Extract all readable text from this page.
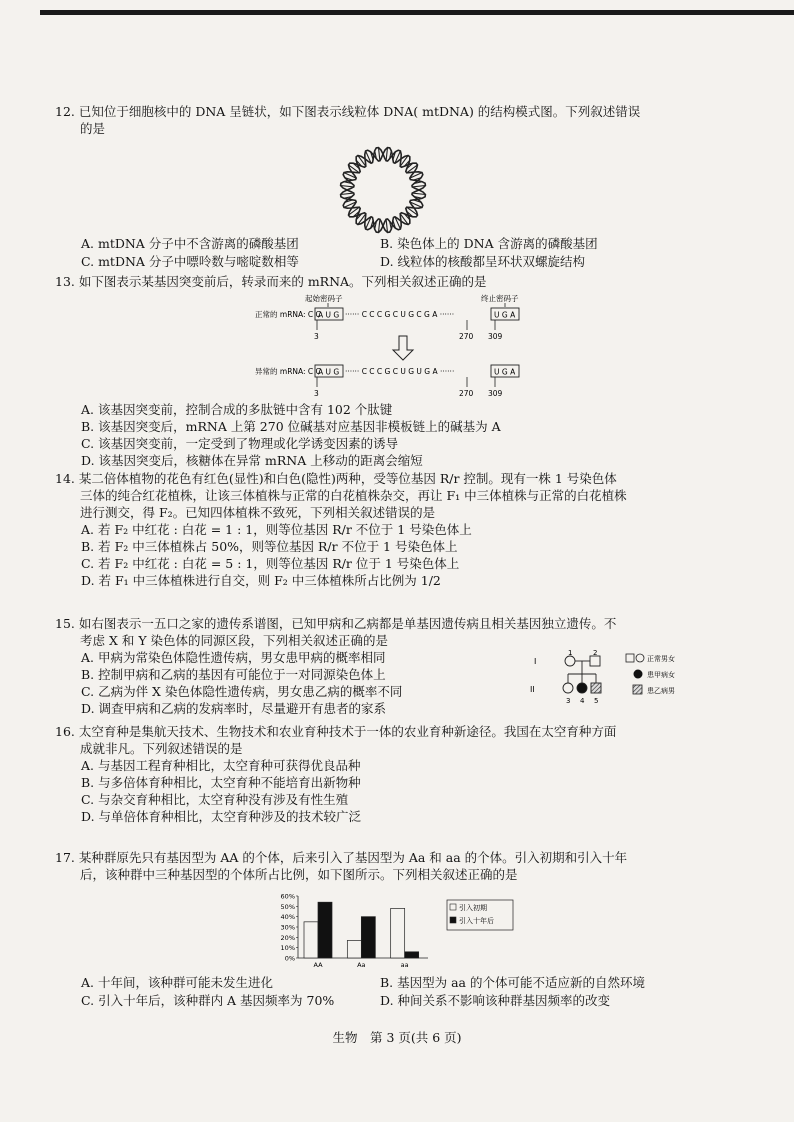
12. 已知位于细胞核中的 DNA 呈链状，如下图表示线粒体 DNA( mtDNA) 的结构模式图。下列叙述错误

的是

A. mtDNA 分子中不含游离的磷酸基团	B. 染色体上的 DNA 含游离的磷酸基团
C. mtDNA 分子中嘌呤数与嘧啶数相等	D. 线粒体的核酸都呈环状双螺旋结构

13. 如下图表示某基因突变前后，转录而来的 mRNA。下列相关叙述正确的是

起始密码子	终止密码子
正常的 mRNA: C C
A U G ······ C C C G C U G C G A ······	U G A
3	270 309
异常的 mRNA: C C
A U G ······ C C C G C U G U G A ······	U G A
3	270 309

A. 该基因突变前，控制合成的多肽链中含有 102 个肽键

B. 该基因突变后，mRNA 上第 270 位碱基对应基因非模板链上的碱基为 A

C. 该基因突变前，一定受到了物理或化学诱变因素的诱导

D. 该基因突变后，核糖体在异常 mRNA 上移动的距离会缩短

14. 某二倍体植物的花色有红色(显性)和白色(隐性)两种，受等位基因 R/r 控制。现有一株 1 号染色体

三体的纯合红花植株，让该三体植株与正常的白花植株杂交，再让 F₁ 中三体植株与正常的白花植株

进行测交，得 F₂。已知四体植株不致死，下列相关叙述错误的是

A. 若 F₂ 中红花 : 白花 = 1 : 1，则等位基因 R/r 不位于 1 号染色体上

B. 若 F₂ 中三体植株占 50%，则等位基因 R/r 不位于 1 号染色体上

C. 若 F₂ 中红花 : 白花 = 5 : 1，则等位基因 R/r 位于 1 号染色体上

D. 若 F₁ 中三体植株进行自交，则 F₂ 中三体植株所占比例为 1/2

15. 如右图表示一五口之家的遗传系谱图，已知甲病和乙病都是单基因遗传病且相关基因独立遗传。不

考虑 X 和 Y 染色体的同源区段，下列相关叙述正确的是

A. 甲病为常染色体隐性遗传病，男女患甲病的概率相同

B. 控制甲病和乙病的基因有可能位于一对同源染色体上

C. 乙病为伴 X 染色体隐性遗传病，男女患乙病的概率不同

D. 调查甲病和乙病的发病率时，尽量避开有患者的家系

I
II
1	2
3 4 5
正常男女
患甲病女
患乙病男

16. 太空育种是集航天技术、生物技术和农业育种技术于一体的农业育种新途径。我国在太空育种方面

成就非凡。下列叙述错误的是

A. 与基因工程育种相比，太空育种可获得优良品种

B. 与多倍体育种相比，太空育种不能培育出新物种

C. 与杂交育种相比，太空育种没有涉及有性生殖

D. 与单倍体育种相比，太空育种涉及的技术较广泛

17. 某种群原先只有基因型为 AA 的个体，后来引入了基因型为 Aa 和 aa 的个体。引入初期和引入十年

后，该种群中三种基因型的个体所占比例，如下图所示。下列相关叙述正确的是

0%
10%
20%
30%
40%
50%
60%
AA	Aa	aa
引入初期
引入十年后
A. 十年间，该种群可能未发生进化	B. 基因型为 aa 的个体可能不适应新的自然环境
C. 引入十年后，该种群内 A 基因频率为 70%	D. 种间关系不影响该种群基因频率的改变
生物　第 3 页(共 6 页)
